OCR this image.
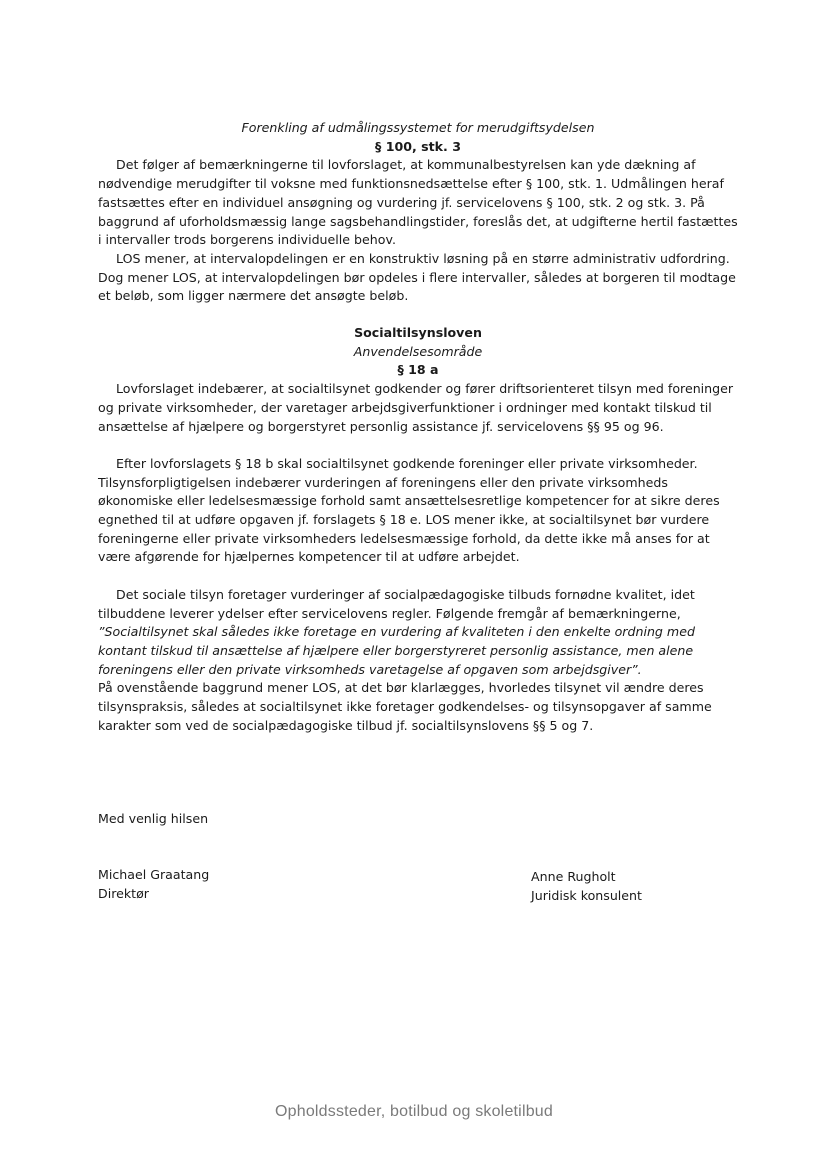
Forenkling af udmålingssystemet for merudgiftsydelsen
§ 100, stk. 3

Det følger af bemærkningerne til lovforslaget, at kommunalbestyrelsen kan yde dækning af nødvendige merudgifter til voksne med funktionsnedsættelse efter § 100, stk. 1. Udmålingen heraf fastsættes efter en individuel ansøgning og vurdering jf. servicelovens § 100, stk. 2 og stk. 3. På baggrund af uforholdsmæssig lange sagsbehandlingstider, foreslås det, at udgifterne hertil fastættes i intervaller trods borgerens individuelle behov.

LOS mener, at intervalopdelingen er en konstruktiv løsning på en større administrativ udfordring. Dog mener LOS, at intervalopdelingen bør opdeles i flere intervaller, således at borgeren til modtage et beløb, som ligger nærmere det ansøgte beløb.

Socialtilsynsloven
Anvendelsesområde
§ 18 a

Lovforslaget indebærer, at socialtilsynet godkender og fører driftsorienteret tilsyn med foreninger og private virksomheder, der varetager arbejdsgiverfunktioner i ordninger med kontakt tilskud til ansættelse af hjælpere og borgerstyret personlig assistance jf. servicelovens §§ 95 og 96.

Efter lovforslagets § 18 b skal socialtilsynet godkende foreninger eller private virksomheder. Tilsynsforpligtigelsen indebærer vurderingen af foreningens eller den private virksomheds økonomiske eller ledelsesmæssige forhold samt ansættelsesretlige kompetencer for at sikre deres egnethed til at udføre opgaven jf. forslagets § 18 e. LOS mener ikke, at socialtilsynet bør vurdere foreningerne eller private virksomheders ledelsesmæssige forhold, da dette ikke må anses for at være afgørende for hjælpernes kompetencer til at udføre arbejdet.

Det sociale tilsyn foretager vurderinger af socialpædagogiske tilbuds fornødne kvalitet, idet tilbuddene leverer ydelser efter servicelovens regler. Følgende fremgår af bemærkningerne, ”Socialtilsynet skal således ikke foretage en vurdering af kvaliteten i den enkelte ordning med kontant tilskud til ansættelse af hjælpere eller borgerstyreret personlig assistance, men alene foreningens eller den private virksomheds varetagelse af opgaven som arbejdsgiver”.

På ovenstående baggrund mener LOS, at det bør klarlægges, hvorledes tilsynet vil ændre deres tilsynspraksis, således at socialtilsynet ikke foretager godkendelses- og tilsynsopgaver af samme karakter som ved de socialpædagogiske tilbud jf. socialtilsynslovens §§ 5 og 7.

Med venlig hilsen
Michael Graatang
Direktør
Anne Rugholt
Juridisk konsulent
Opholdssteder, botilbud og skoletilbud
